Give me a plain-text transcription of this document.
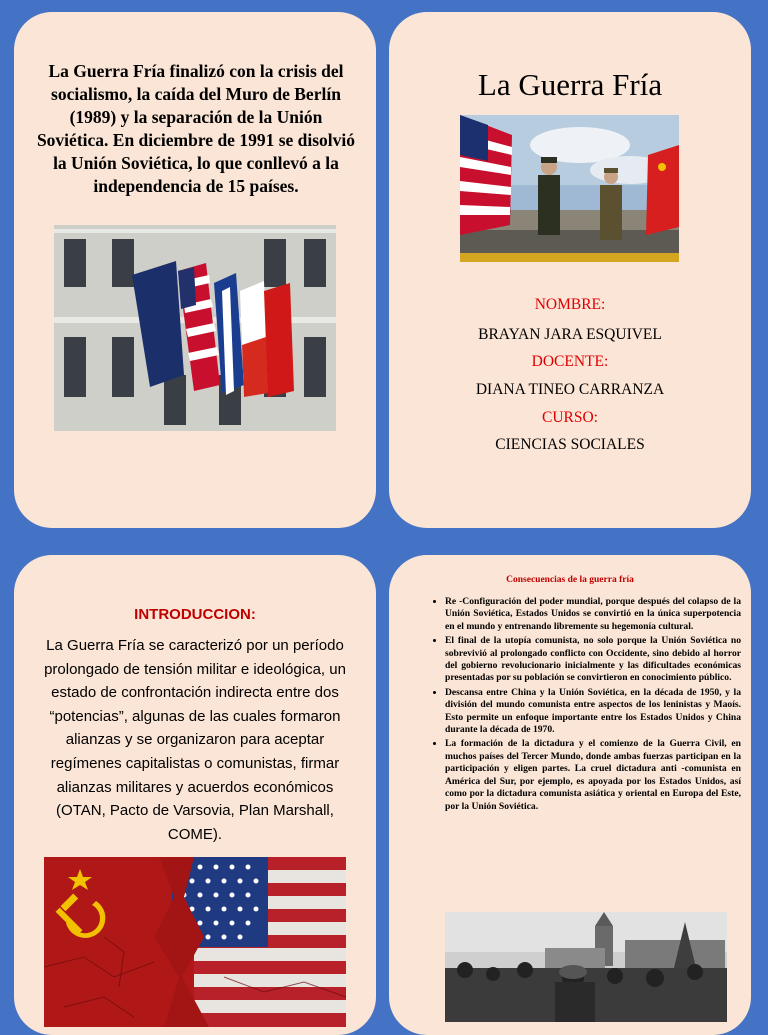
La Guerra Fría finalizó con la crisis del socialismo, la caída del Muro de Berlín (1989) y la separación de la Unión Soviética. En diciembre de 1991 se disolvió la Unión Soviética, lo que conllevó a la independencia de 15 países.
La Guerra Fría
NOMBRE:
BRAYAN JARA ESQUIVEL
DOCENTE:
DIANA TINEO CARRANZA
CURSO:
CIENCIAS SOCIALES
INTRODUCCION:
La Guerra Fría se caracterizó por un período prolongado de tensión militar e ideológica, un estado de confrontación indirecta entre dos “potencias”, algunas de las cuales formaron alianzas y se organizaron para aceptar regímenes capitalistas o comunistas, firmar alianzas militares y acuerdos económicos (OTAN, Pacto de Varsovia, Plan Marshall, COME).
Consecuencias de la guerra fría
• Re -Configuración del poder mundial, porque después del colapso de la Unión Soviética, Estados Unidos se convirtió en la única superpotencia en el mundo y entrenando libremente su hegemonía cultural.
• El final de la utopía comunista, no solo porque la Unión Soviética no sobrevivió al prolongado conflicto con Occidente, sino debido al horror del gobierno revolucionario inicialmente y las dificultades económicas presentadas por su población se convirtieron en conocimiento público.
• Descansa entre China y la Unión Soviética, en la década de 1950, y la división del mundo comunista entre aspectos de los leninistas y Maoís. Esto permite un enfoque importante entre los Estados Unidos y China durante la década de 1970.
• La formación de la dictadura y el comienzo de la Guerra Civil, en muchos países del Tercer Mundo, donde ambas fuerzas participan en la participación y eligen partes. La cruel dictadura anti -comunista en América del Sur, por ejemplo, es apoyada por los Estados Unidos, así como por la dictadura comunista asiática y oriental en Europa del Este, por la Unión Soviética.
